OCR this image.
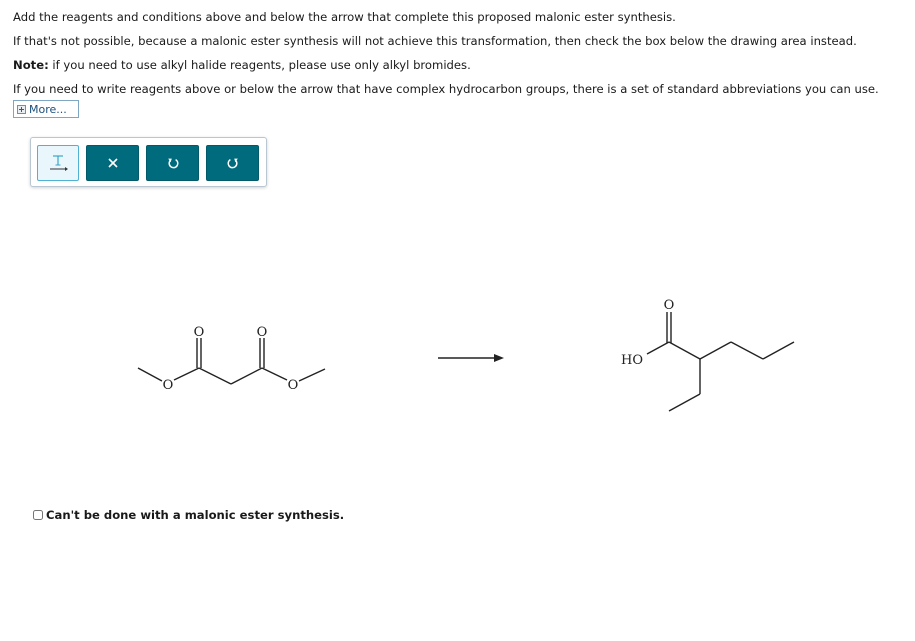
Add the reagents and conditions above and below the arrow that complete this proposed malonic ester synthesis.
If that's not possible, because a malonic ester synthesis will not achieve this transformation, then check the box below the drawing area instead.
Note: if you need to use alkyl halide reagents, please use only alkyl bromides.
If you need to write reagents above or below the arrow that have complex hydrocarbon groups, there is a set of standard abbreviations you can use.
More...
O
O	O
O
O
HO
Can't be done with a malonic ester synthesis.
